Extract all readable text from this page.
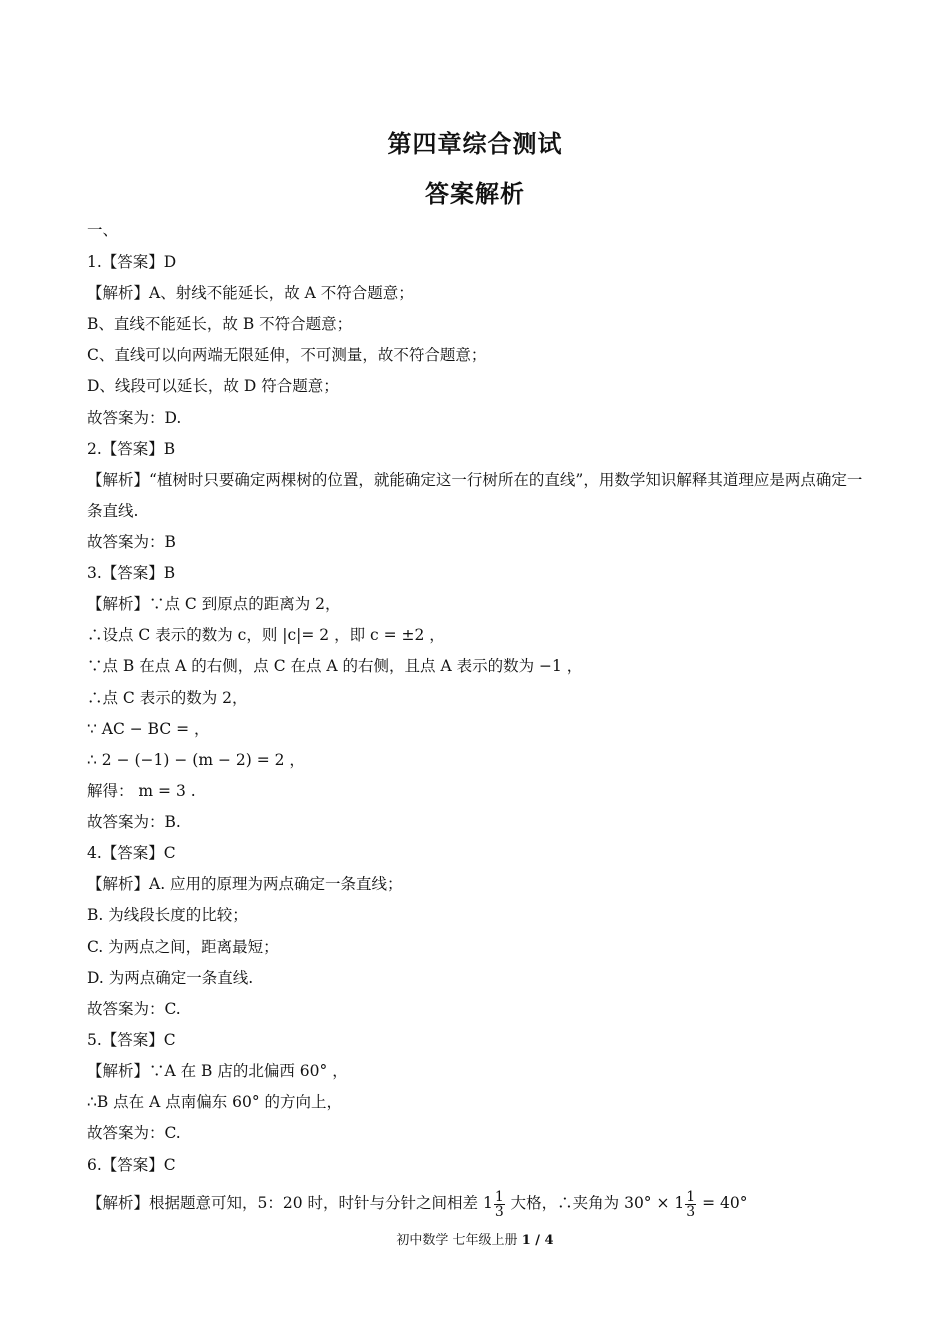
第四章综合测试
答案解析
一、
1.【答案】D
【解析】A、射线不能延长，故 A 不符合题意；
B、直线不能延长，故 B 不符合题意；
C、直线可以向两端无限延伸，不可测量，故不符合题意；
D、线段可以延长，故 D 符合题意；
故答案为：D.
2.【答案】B
【解析】“植树时只要确定两棵树的位置，就能确定这一行树所在的直线”，用数学知识解释其道理应是两点确定一条直线.
故答案为：B
3.【答案】B
【解析】∵点 C 到原点的距离为 2，
∴设点 C 表示的数为 c，则 |c|= 2 ，即 c = ±2 ，
∵点 B 在点 A 的右侧，点 C 在点 A 的右侧，且点 A 表示的数为 −1 ，
∴点 C 表示的数为 2，
∵ AC − BC = ，
∴ 2 − (−1) − (m − 2) = 2 ，
解得： m = 3 .
故答案为：B.
4.【答案】C
【解析】A. 应用的原理为两点确定一条直线；
B. 为线段长度的比较；
C. 为两点之间，距离最短；
D. 为两点确定一条直线.
故答案为：C.
5.【答案】C
【解析】∵A 在 B 店的北偏西 60° ，
∴B 点在 A 点南偏东 60° 的方向上，
故答案为：C.
6.【答案】C
【解析】根据题意可知，5：20 时，时针与分针之间相差 $1 \frac{1}{3}$ 大格，∴夹角为 $30^\circ \times 1 \frac{1}{3} = 40^\circ$
初中数学 七年级上册 1 / 4
